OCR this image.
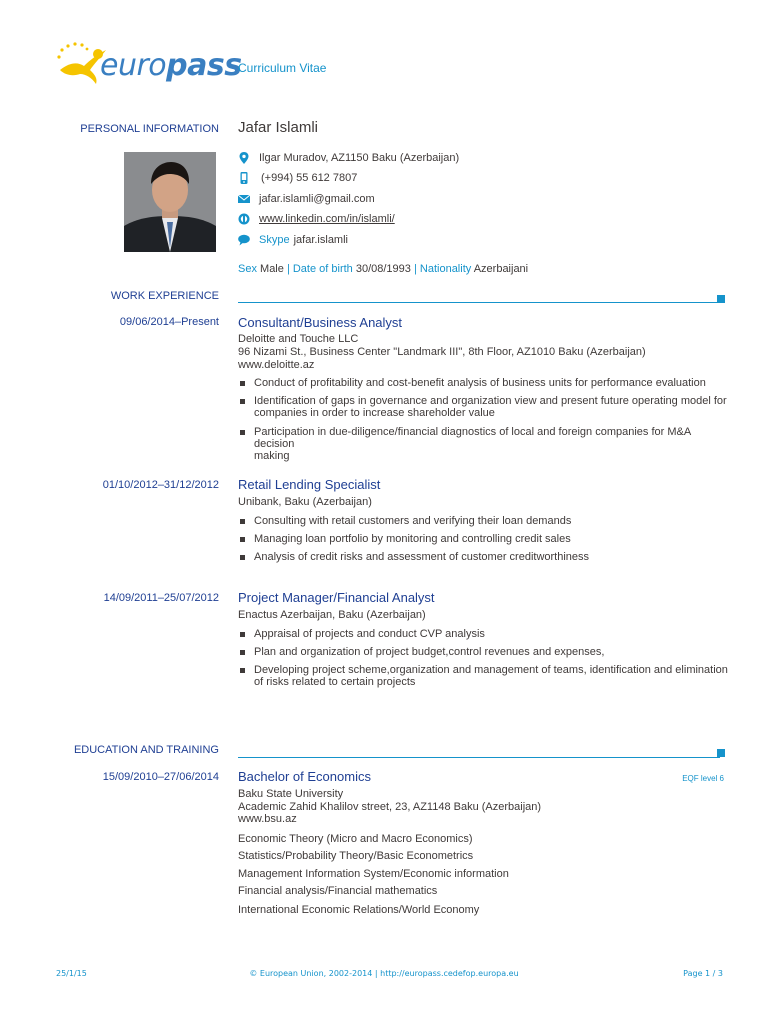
europass
Curriculum Vitae
PERSONAL INFORMATION Jafar Islamli
Ilgar Muradov, AZ1150 Baku (Azerbaijan)
(+994) 55 612 7807
jafar.islamli@gmail.com
www.linkedin.com/in/islamli/
Skype jafar.islamli
Sex Male | Date of birth 30/08/1993 | Nationality Azerbaijani
WORK EXPERIENCE
09/06/2014–Present Consultant/Business Analyst
Deloitte and Touche LLC
96 Nizami St., Business Center "Landmark III", 8th Floor, AZ1010 Baku (Azerbaijan)
www.deloitte.az
Conduct of profitability and cost-benefit analysis of business units for performance evaluation
Identification of gaps in governance and organization view and present future operating model for
companies in order to increase shareholder value
Participation in due-diligence/financial diagnostics of local and foreign companies for M&A decision
making
01/10/2012–31/12/2012 Retail Lending Specialist
Unibank, Baku (Azerbaijan)
Consulting with retail customers and verifying their loan demands
Managing loan portfolio by monitoring and controlling credit sales
Analysis of credit risks and assessment of customer creditworthiness
14/09/2011–25/07/2012 Project Manager/Financial Analyst
Enactus Azerbaijan, Baku (Azerbaijan)
Appraisal of projects and conduct CVP analysis
Plan and organization of project budget,control revenues and expenses,
Developing project scheme,organization and management of teams, identification and elimination
of risks related to certain projects
EDUCATION AND TRAINING
15/09/2010–27/06/2014 Bachelor of Economics	EQF level 6
Baku State University
Academic Zahid Khalilov street, 23, AZ1148 Baku (Azerbaijan)
www.bsu.az
Economic Theory (Micro and Macro Economics)
Statistics/Probability Theory/Basic Econometrics
Management Information System/Economic information
Financial analysis/Financial mathematics
International Economic Relations/World Economy
25/1/15	© European Union, 2002-2014 | http://europass.cedefop.europa.eu	Page 1 / 3
